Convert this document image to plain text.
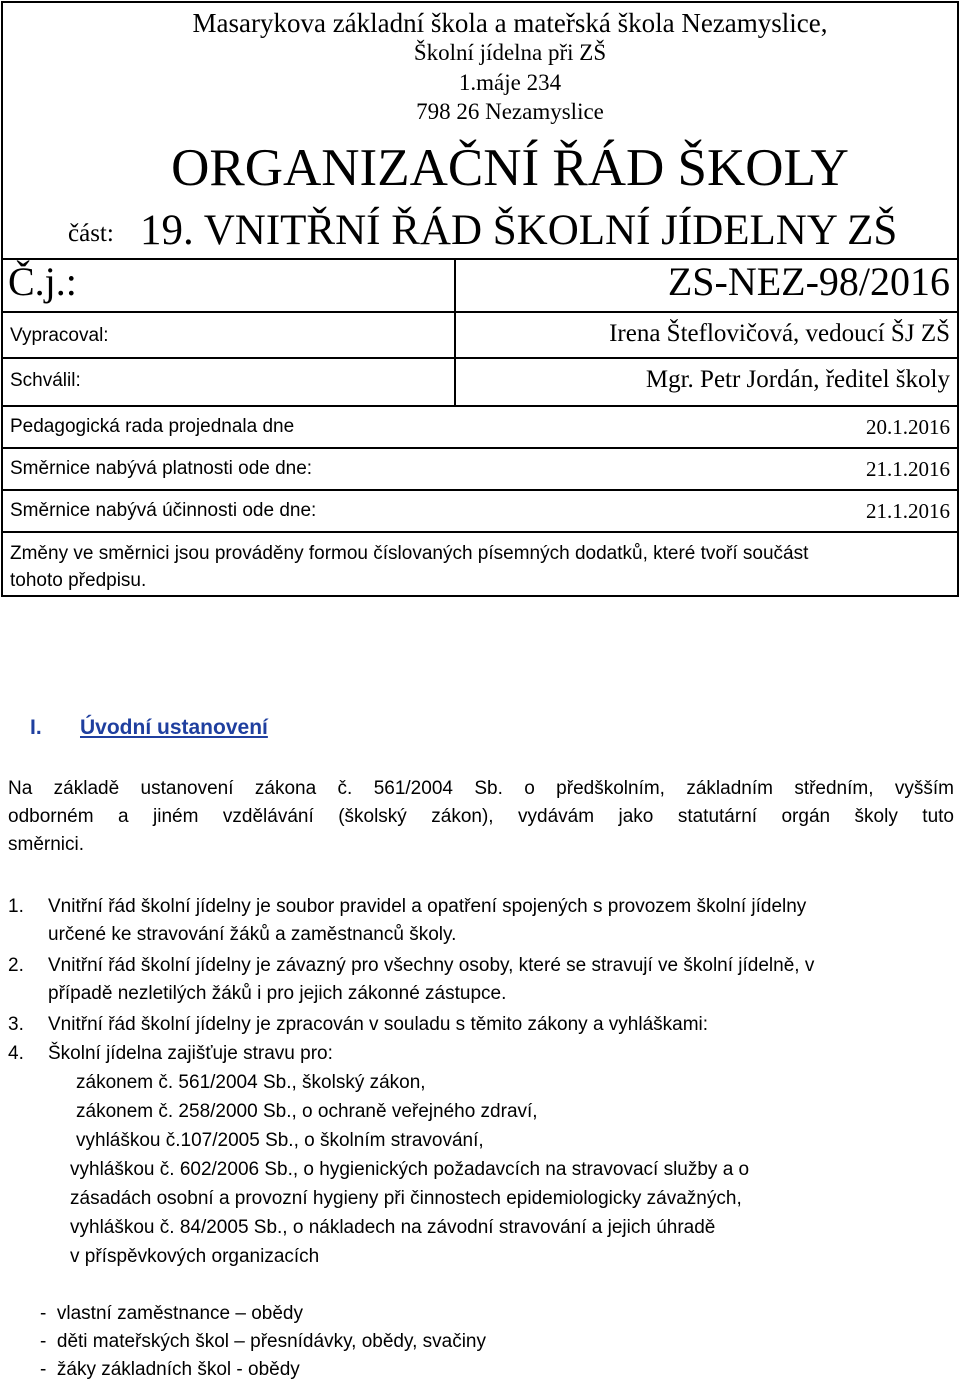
Masarykova základní škola a mateřská škola Nezamyslice,
Školní jídelna při ZŠ
1.máje 234
798 26 Nezamyslice
ORGANIZAČNÍ ŘÁD ŠKOLY
část: 19. VNITŘNÍ ŘÁD ŠKOLNÍ JÍDELNY ZŠ
Č.j.:	ZS-NEZ-98/2016
Vypracoval:	Irena Šteflovičová, vedoucí ŠJ ZŠ
Schválil:	Mgr. Petr Jordán, ředitel školy
Pedagogická rada projednala dne	20.1.2016
Směrnice nabývá platnosti ode dne:	21.1.2016
Směrnice nabývá účinnosti ode dne:	21.1.2016
Změny ve směrnici jsou prováděny formou číslovaných písemných dodatků, které tvoří součást
tohoto předpisu.
I. Úvodní ustanovení
Na základě ustanovení zákona č. 561/2004 Sb. o předškolním, základním středním, vyšším
odborném a jiném vzdělávání (školský zákon), vydávám jako statutární orgán školy tuto
směrnici.
1. Vnitřní řád školní jídelny je soubor pravidel a opatření spojených s provozem školní jídelny
určené ke stravování žáků a zaměstnanců školy.
2. Vnitřní řád školní jídelny je závazný pro všechny osoby, které se stravují ve školní jídelně, v
případě nezletilých žáků i pro jejich zákonné zástupce.
3. Vnitřní řád školní jídelny je zpracován v souladu s těmito zákony a vyhláškami:
4. Školní jídelna zajišťuje stravu pro:
zákonem č. 561/2004 Sb., školský zákon,
zákonem č. 258/2000 Sb., o ochraně veřejného zdraví,
vyhláškou č.107/2005 Sb., o školním stravování,
vyhláškou č. 602/2006 Sb., o hygienických požadavcích na stravovací služby a o
zásadách osobní a provozní hygieny při činnostech epidemiologicky závažných,
vyhláškou č. 84/2005 Sb., o nákladech na závodní stravování a jejich úhradě
v příspěvkových organizacích
-  vlastní zaměstnance – obědy
-  děti mateřských škol – přesnídávky, obědy, svačiny
-  žáky základních škol - obědy
